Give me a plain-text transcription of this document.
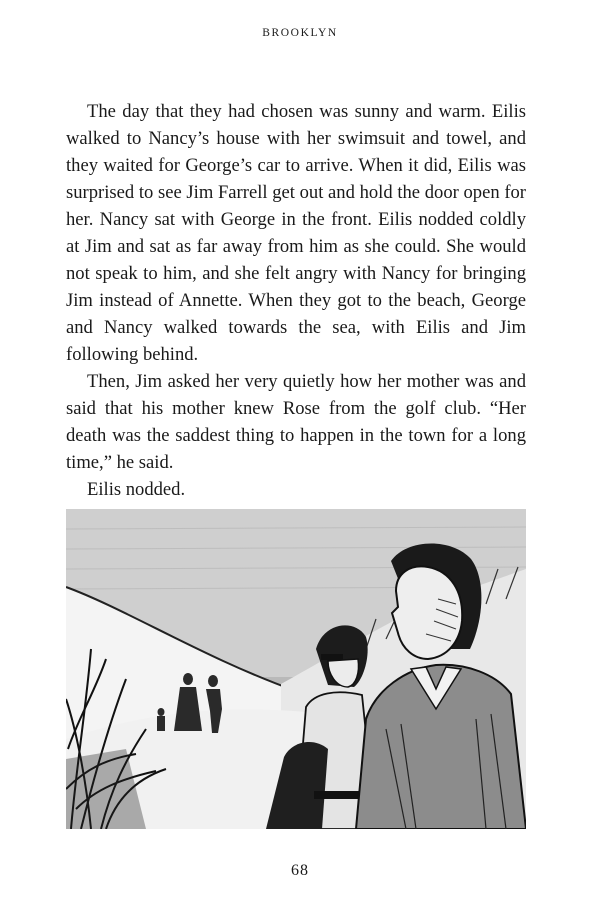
BROOKLYN

The day that they had chosen was sunny and warm. Eilis walked to Nancy’s house with her swimsuit and towel, and they waited for George’s car to arrive. When it did, Eilis was surprised to see Jim Farrell get out and hold the door open for her. Nancy sat with George in the front. Eilis nodded coldly at Jim and sat as far away from him as she could. She would not speak to him, and she felt angry with Nancy for bringing Jim instead of Annette. When they got to the beach, George and Nancy walked towards the sea, with Eilis and Jim following behind.

Then, Jim asked her very quietly how her mother was and said that his mother knew Rose from the golf club. “Her death was the saddest thing to happen in the town for a long time,” he said.

Eilis nodded.

68
